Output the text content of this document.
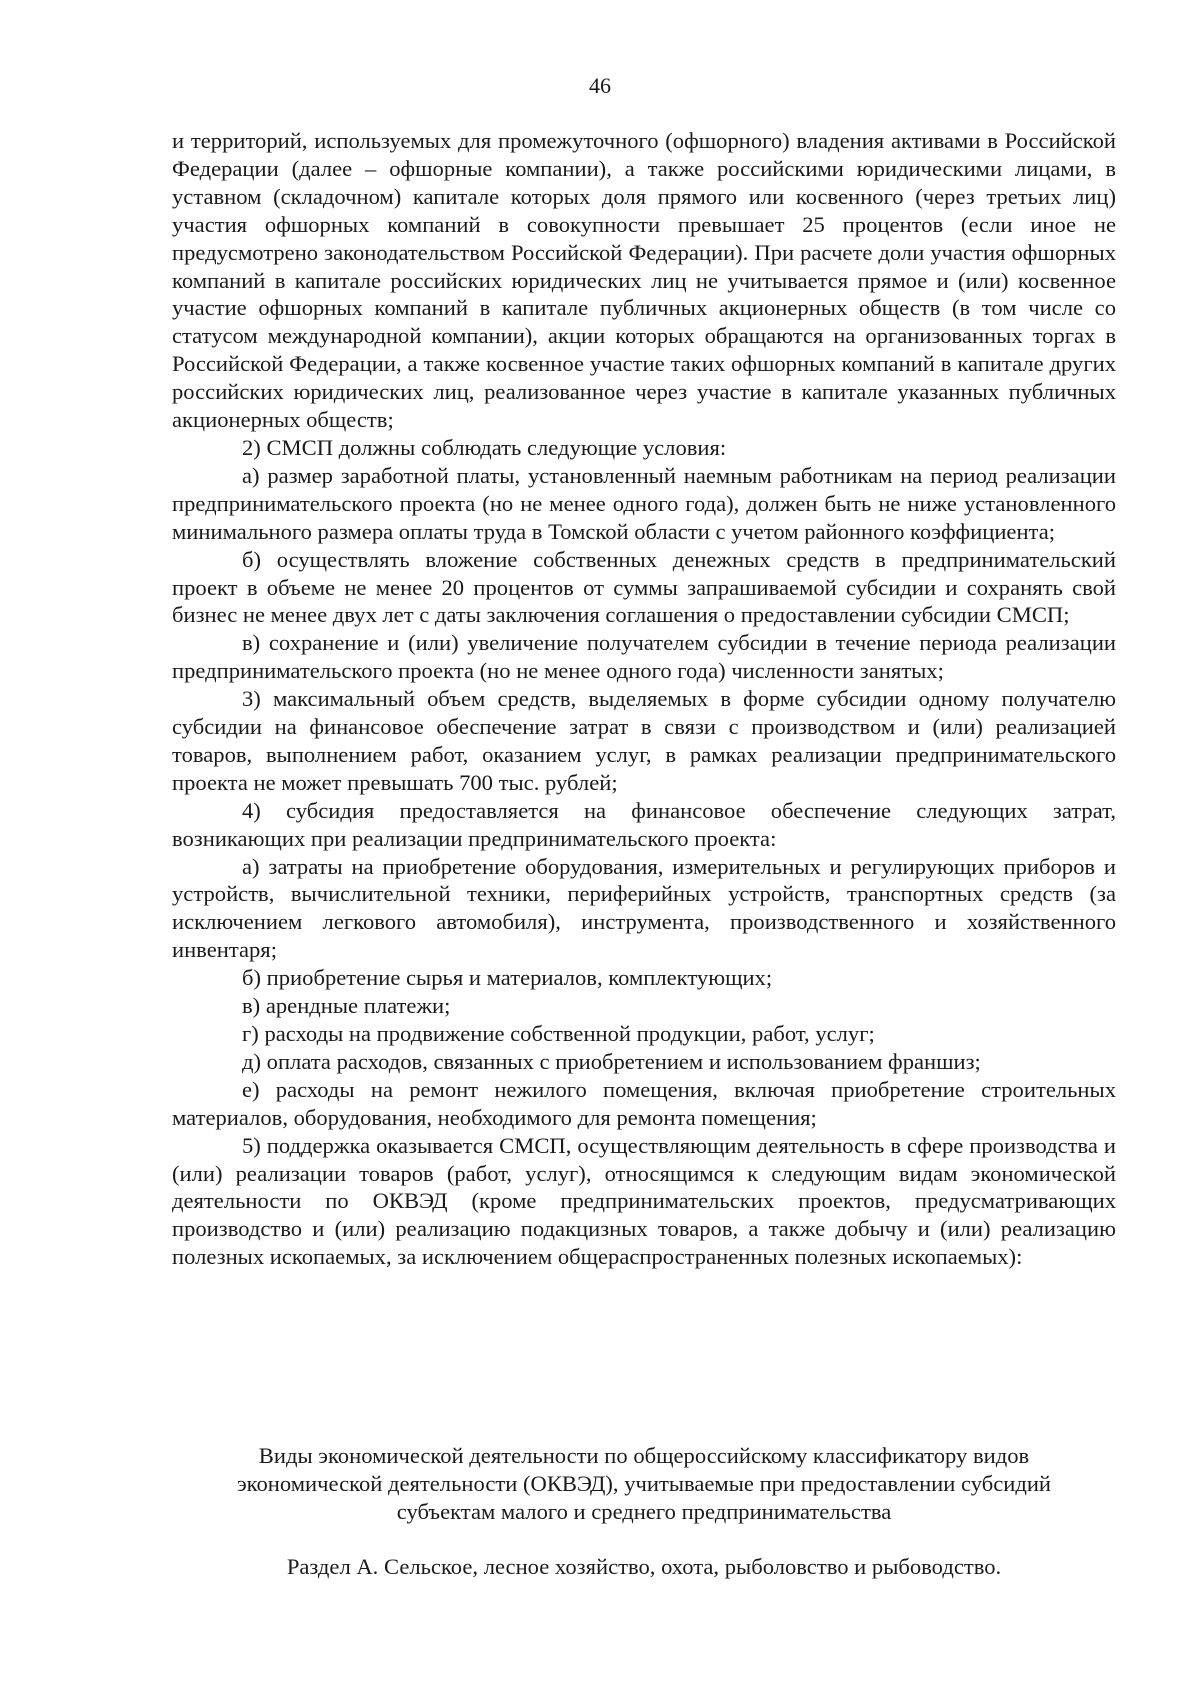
46

и территорий, используемых для промежуточного (офшорного) владения активами в Российской Федерации (далее – офшорные компании), а также российскими юридическими лицами, в уставном (складочном) капитале которых доля прямого или косвенного (через третьих лиц) участия офшорных компаний в совокупности превышает 25 процентов (если иное не предусмотрено законодательством Российской Федерации). При расчете доли участия офшорных компаний в капитале российских юридических лиц не учитывается прямое и (или) косвенное участие офшорных компаний в капитале публичных акционерных обществ (в том числе со статусом международной компании), акции которых обращаются на организованных торгах в Российской Федерации, а также косвенное участие таких офшорных компаний в капитале других российских юридических лиц, реализованное через участие в капитале указанных публичных акционерных обществ;

2) СМСП должны соблюдать следующие условия:

а) размер заработной платы, установленный наемным работникам на период реализации предпринимательского проекта (но не менее одного года), должен быть не ниже установленного минимального размера оплаты труда в Томской области с учетом районного коэффициента;

б) осуществлять вложение собственных денежных средств в предпринимательский проект в объеме не менее 20 процентов от суммы запрашиваемой субсидии и сохранять свой бизнес не менее двух лет с даты заключения соглашения о предоставлении субсидии СМСП;

в) сохранение и (или) увеличение получателем субсидии в течение периода реализации предпринимательского проекта (но не менее одного года) численности занятых;

3) максимальный объем средств, выделяемых в форме субсидии одному получателю субсидии на финансовое обеспечение затрат в связи с производством и (или) реализацией товаров, выполнением работ, оказанием услуг, в рамках реализации предпринимательского проекта не может превышать 700 тыс. рублей;

4) субсидия предоставляется на финансовое обеспечение следующих затрат, возникающих при реализации предпринимательского проекта:

а) затраты на приобретение оборудования, измерительных и регулирующих приборов и устройств, вычислительной техники, периферийных устройств, транспортных средств (за исключением легкового автомобиля), инструмента, производственного и хозяйственного инвентаря;

б) приобретение сырья и материалов, комплектующих;

в) арендные платежи;

г) расходы на продвижение собственной продукции, работ, услуг;

д) оплата расходов, связанных с приобретением и использованием франшиз;

е) расходы на ремонт нежилого помещения, включая приобретение строительных материалов, оборудования, необходимого для ремонта помещения;

5) поддержка оказывается СМСП, осуществляющим деятельность в сфере производства и (или) реализации товаров (работ, услуг), относящимся к следующим видам экономической деятельности по ОКВЭД (кроме предпринимательских проектов, предусматривающих производство и (или) реализацию подакцизных товаров, а также добычу и (или) реализацию полезных ископаемых, за исключением общераспространенных полезных ископаемых):

Виды экономической деятельности по общероссийскому классификатору видов
экономической деятельности (ОКВЭД), учитываемые при предоставлении субсидий
субъектам малого и среднего предпринимательства
Раздел А. Сельское, лесное хозяйство, охота, рыболовство и рыбоводство.
